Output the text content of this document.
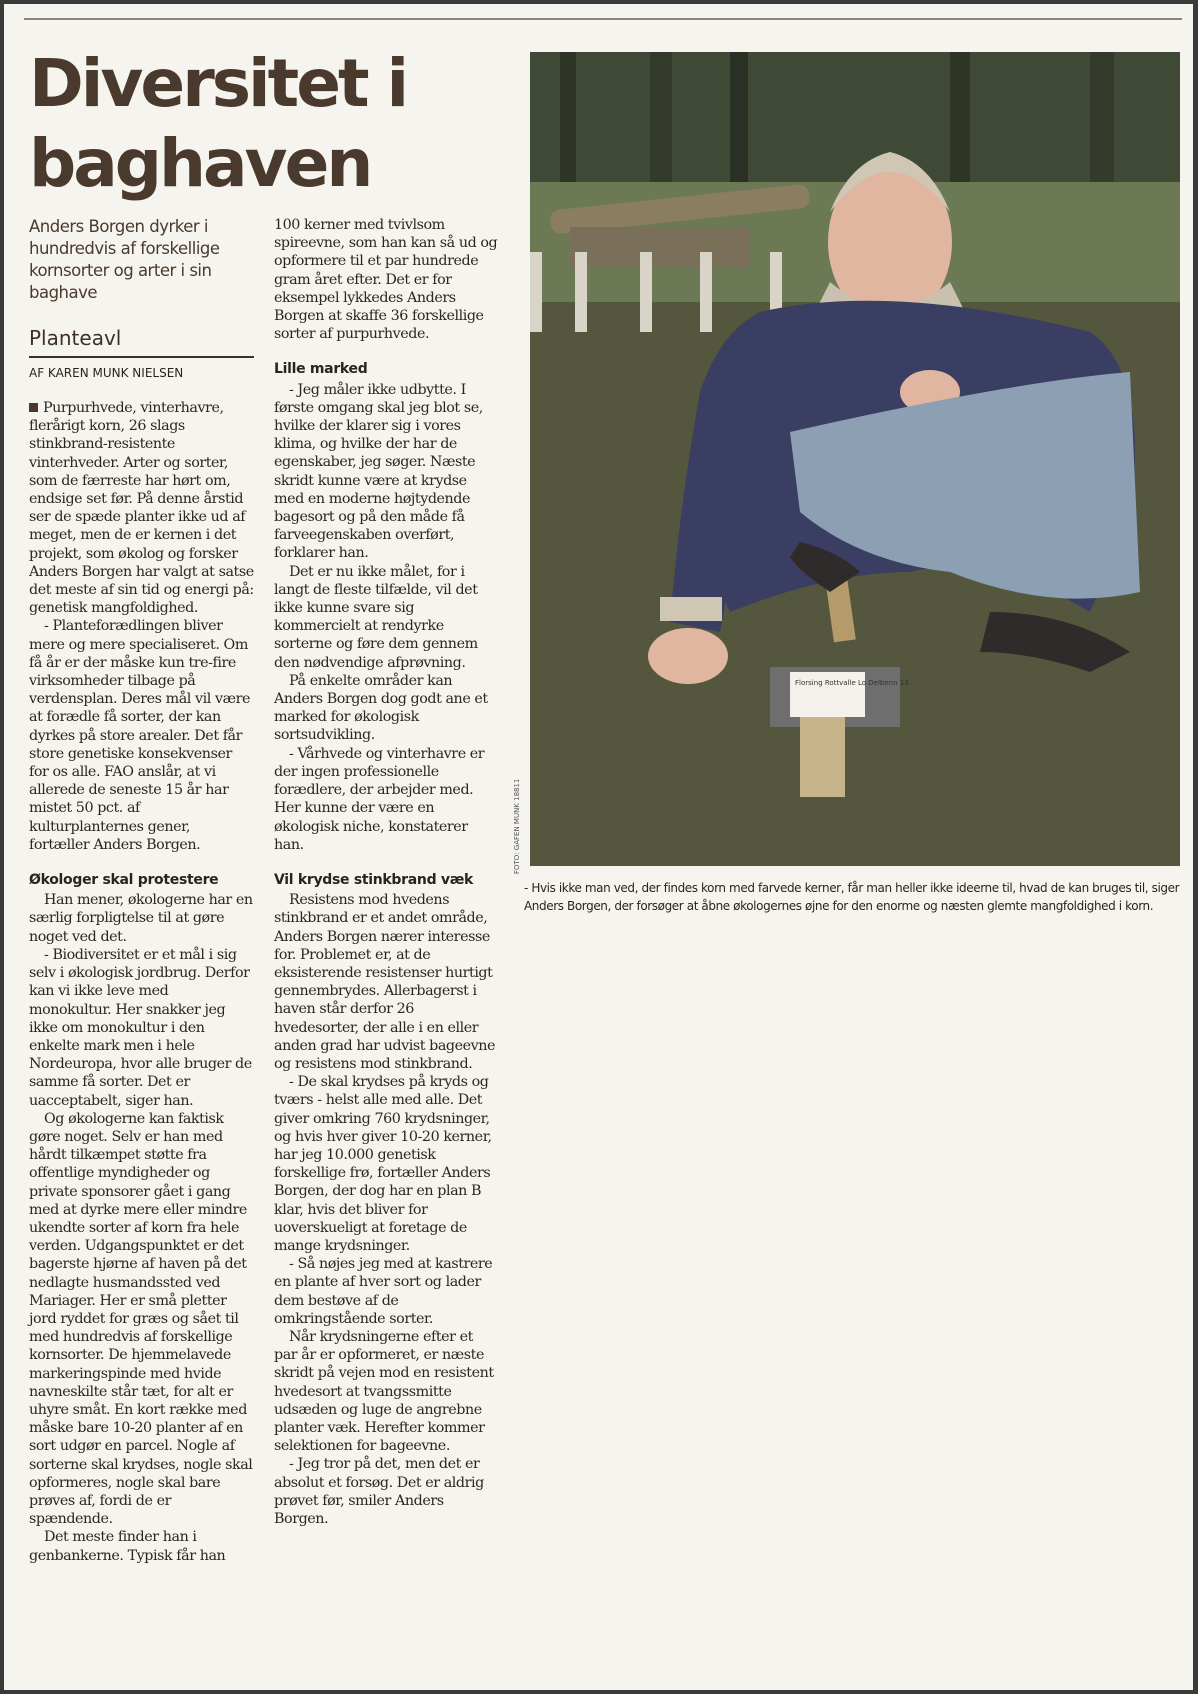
Diversitet i baghaven

Anders Borgen dyrker i hundredvis af forskellige kornsorter og arter i sin baghave

Planteavl

AF KAREN MUNK NIELSEN

Purpurhvede, vinterhavre, flerårigt korn, 26 slags stinkbrand-resistente vinterhveder. Arter og sorter, som de færreste har hørt om, endsige set før. På denne årstid ser de spæde planter ikke ud af meget, men de er kernen i det projekt, som økolog og forsker Anders Borgen har valgt at satse det meste af sin tid og energi på: genetisk mangfoldighed.

- Planteforædlingen bliver mere og mere specialiseret. Om få år er der måske kun tre-fire virksomheder tilbage på verdensplan. Deres mål vil være at forædle få sorter, der kan dyrkes på store arealer. Det får store genetiske konsekvenser for os alle. FAO anslår, at vi allerede de seneste 15 år har mistet 50 pct. af kulturplanternes gener, fortæller Anders Borgen.

Økologer skal protestere

Han mener, økologerne har en særlig forpligtelse til at gøre noget ved det.

- Biodiversitet er et mål i sig selv i økologisk jordbrug. Derfor kan vi ikke leve med monokultur. Her snakker jeg ikke om monokultur i den enkelte mark men i hele Nordeuropa, hvor alle bruger de samme få sorter. Det er uacceptabelt, siger han.

Og økologerne kan faktisk gøre noget. Selv er han med hårdt tilkæmpet støtte fra offentlige myndigheder og private sponsorer gået i gang med at dyrke mere eller mindre ukendte sorter af korn fra hele verden. Udgangspunktet er det bagerste hjørne af haven på det nedlagte husmandssted ved Mariager. Her er små pletter jord ryddet for græs og sået til med hundredvis af forskellige kornsorter. De hjemmelavede markeringspinde med hvide navneskilte står tæt, for alt er uhyre småt. En kort række med måske bare 10-20 planter af en sort udgør en parcel. Nogle af sorterne skal krydses, nogle skal opformeres, nogle skal bare prøves af, fordi de er spændende.

Det meste finder han i genbankerne. Typisk får han

100 kerner med tvivlsom spireevne, som han kan så ud og opformere til et par hundrede gram året efter. Det er for eksempel lykkedes Anders Borgen at skaffe 36 forskellige sorter af purpurhvede.

Lille marked

- Jeg måler ikke udbytte. I første omgang skal jeg blot se, hvilke der klarer sig i vores klima, og hvilke der har de egenskaber, jeg søger. Næste skridt kunne være at krydse med en moderne højtydende bagesort og på den måde få farveegenskaben overført, forklarer han.

Det er nu ikke målet, for i langt de fleste tilfælde, vil det ikke kunne svare sig kommercielt at rendyrke sorterne og føre dem gennem den nødvendige afprøvning.

På enkelte områder kan Anders Borgen dog godt ane et marked for økologisk sortsudvikling.

- Vårhvede og vinterhavre er der ingen professionelle forædlere, der arbejder med. Her kunne der være en økologisk niche, konstaterer han.

Vil krydse stinkbrand væk

Resistens mod hvedens stinkbrand er et andet område, Anders Borgen nærer interesse for. Problemet er, at de eksisterende resistenser hurtigt gennembrydes. Allerbagerst i haven står derfor 26 hvedesorter, der alle i en eller anden grad har udvist bageevne og resistens mod stinkbrand.

- De skal krydses på kryds og tværs - helst alle med alle. Det giver omkring 760 krydsninger, og hvis hver giver 10-20 kerner, har jeg 10.000 genetisk forskellige frø, fortæller Anders Borgen, der dog har en plan B klar, hvis det bliver for uoverskueligt at foretage de mange krydsninger.

- Så nøjes jeg med at kastrere en plante af hver sort og lader dem bestøve af de omkringstående sorter.

Når krydsningerne efter et par år er opformeret, er næste skridt på vejen mod en resistent hvedesort at tvangssmitte udsæden og luge de angrebne planter væk. Herefter kommer selektionen for bageevne.

- Jeg tror på det, men det er absolut et forsøg. Det er aldrig prøvet før, smiler Anders Borgen.

Florsing Rottvalle Lo Delbenn 13
FOTO: GAFEN MUNK 18811

- Hvis ikke man ved, der findes korn med farvede kerner, får man heller ikke ideerne til, hvad de kan bruges til, siger Anders Borgen, der forsøger at åbne økologernes øjne for den enorme og næsten glemte mangfoldighed i korn.
